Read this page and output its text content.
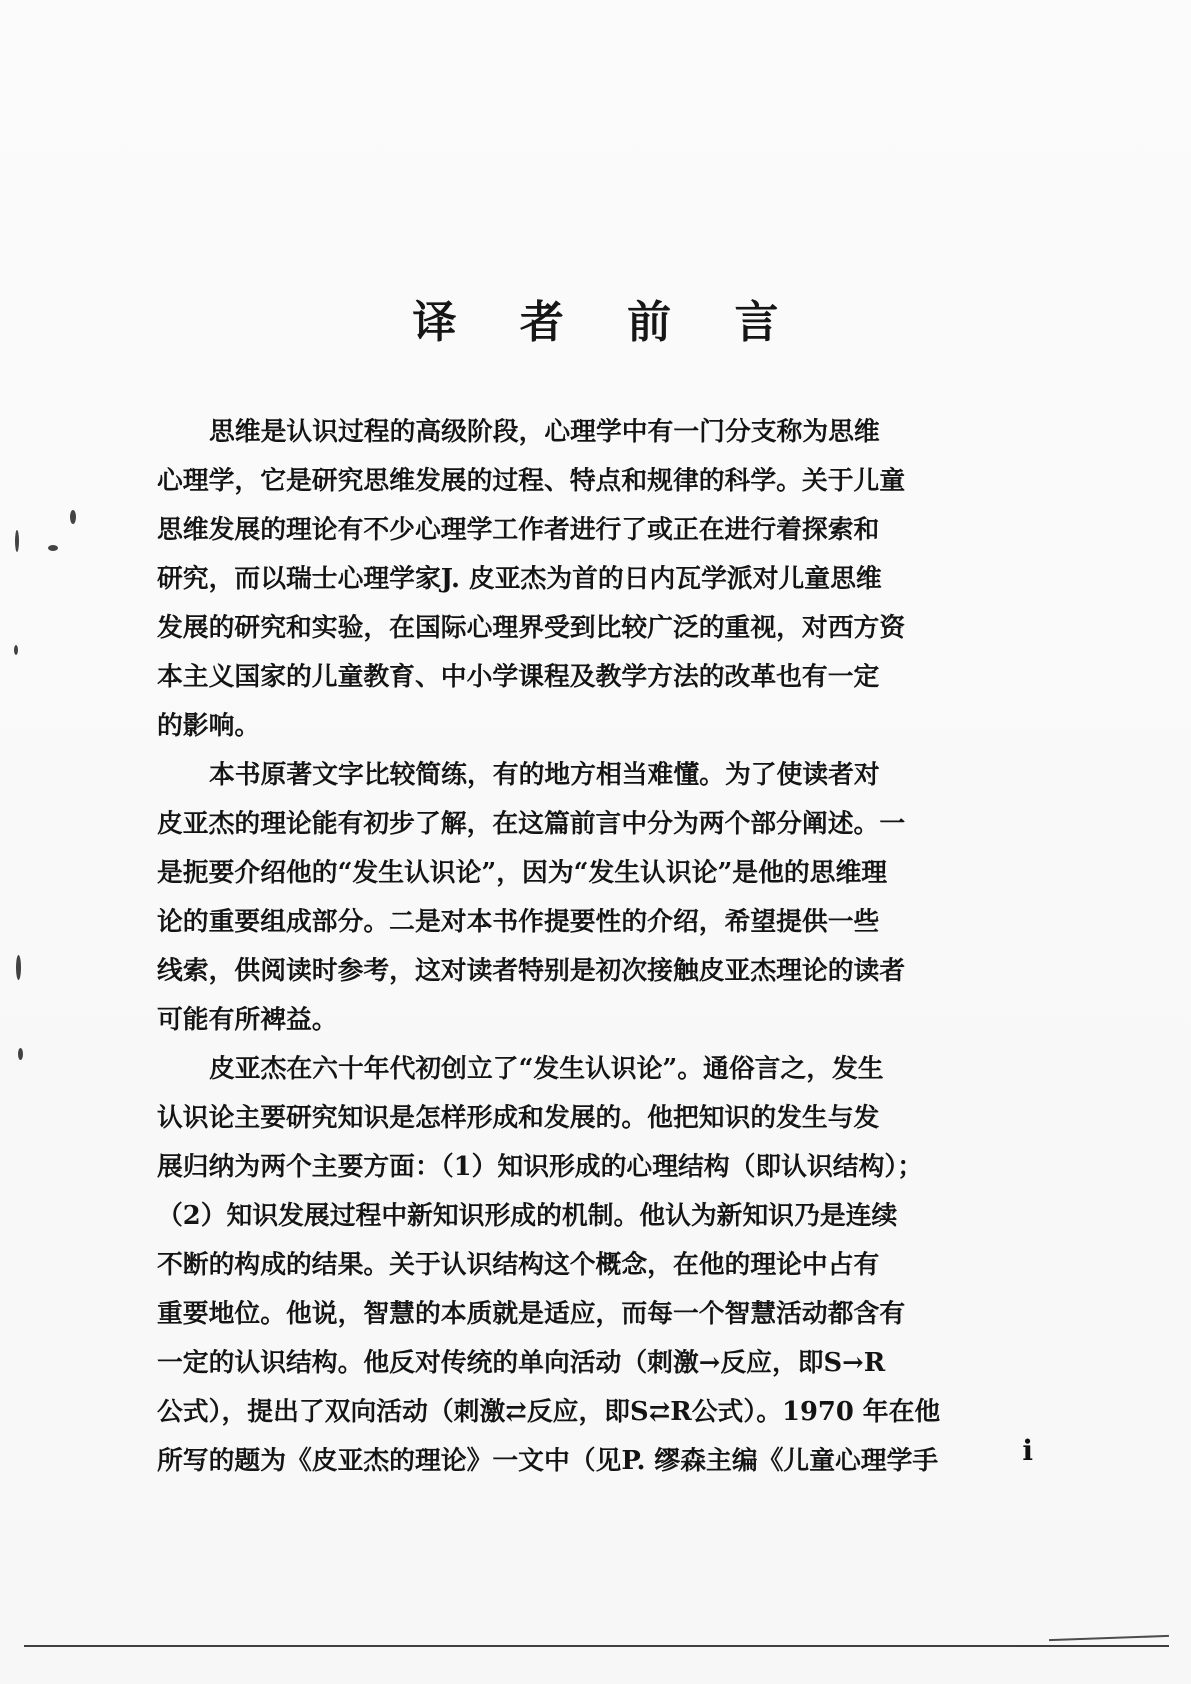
译 者 前 言
思维是认识过程的高级阶段，心理学中有一门分支称为思维
心理学，它是研究思维发展的过程、特点和规律的科学。关于儿童
思维发展的理论有不少心理学工作者进行了或正在进行着探索和
研究，而以瑞士心理学家J. 皮亚杰为首的日内瓦学派对儿童思维
发展的研究和实验，在国际心理界受到比较广泛的重视，对西方资
本主义国家的儿童教育、中小学课程及教学方法的改革也有一定
的影响。
本书原著文字比较简练，有的地方相当难懂。为了使读者对
皮亚杰的理论能有初步了解，在这篇前言中分为两个部分阐述。一
是扼要介绍他的“发生认识论”，因为“发生认识论”是他的思维理
论的重要组成部分。二是对本书作提要性的介绍，希望提供一些
线索，供阅读时参考，这对读者特别是初次接触皮亚杰理论的读者
可能有所裨益。
皮亚杰在六十年代初创立了“发生认识论”。通俗言之，发生
认识论主要研究知识是怎样形成和发展的。他把知识的发生与发
展归纳为两个主要方面：（1）知识形成的心理结构（即认识结构）；
（2）知识发展过程中新知识形成的机制。他认为新知识乃是连续
不断的构成的结果。关于认识结构这个概念，在他的理论中占有
重要地位。他说，智慧的本质就是适应，而每一个智慧活动都含有
一定的认识结构。他反对传统的单向活动（刺激→反应，即S→R
公式），提出了双向活动（刺激⇄反应，即S⇄R公式）。1970 年在他
所写的题为《皮亚杰的理论》一文中（见P. 缪森主编《儿童心理学手	i
